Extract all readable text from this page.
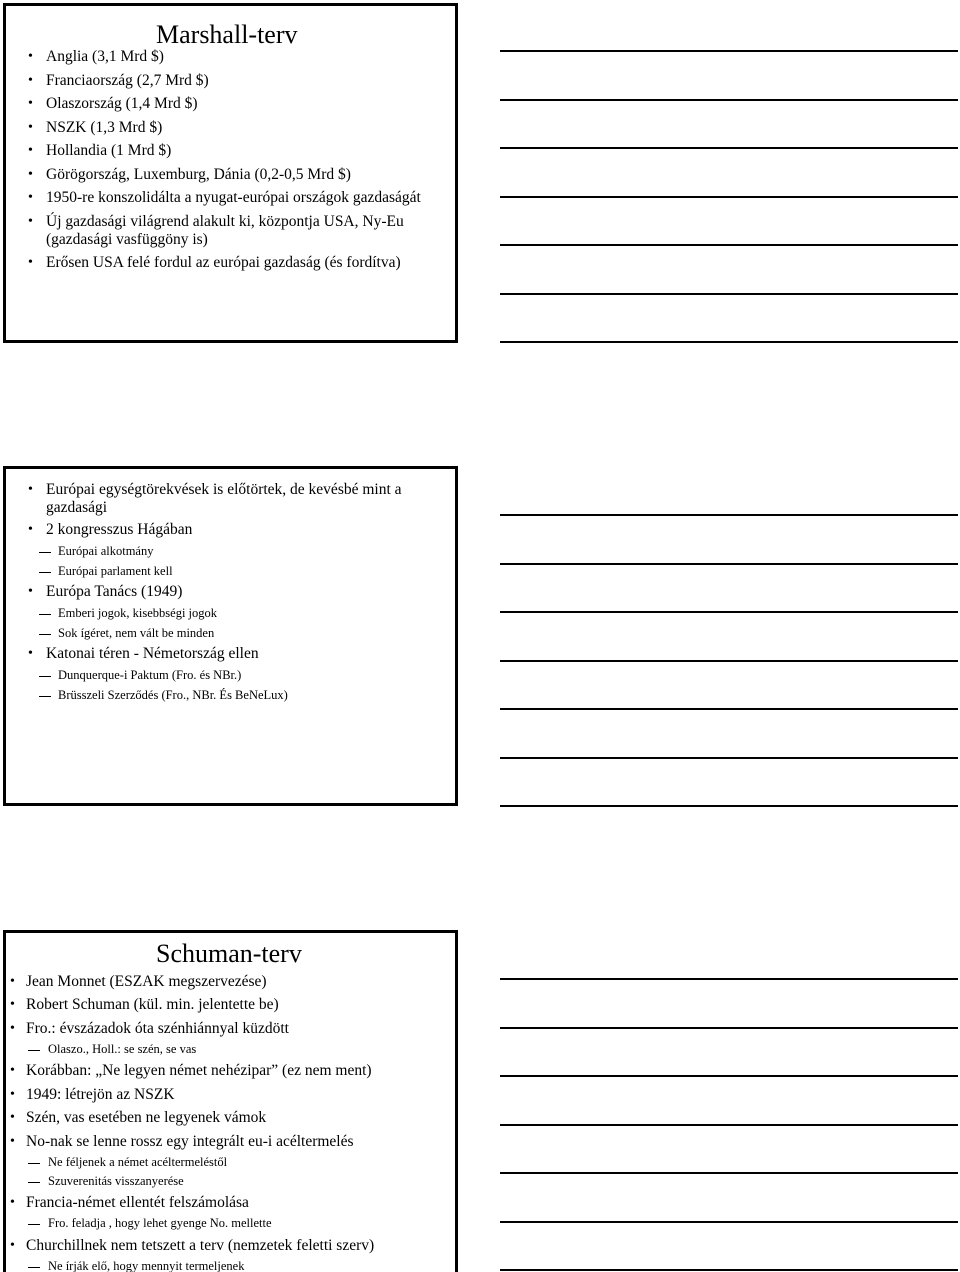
Marshall-terv
• Anglia (3,1 Mrd $)
• Franciaország (2,7 Mrd $)
• Olaszország (1,4 Mrd $)
• NSZK (1,3 Mrd $)
• Hollandia (1 Mrd $)
• Görögország, Luxemburg, Dánia (0,2-0,5 Mrd $)
• 1950-re konszolidálta a nyugat-európai országok gazdaságát
• Új gazdasági világrend alakult ki, központja USA, Ny-Eu (gazdasági vasfüggöny is)
• Erősen USA felé fordul az európai gazdaság (és fordítva)
• Európai egységtörekvések is előtörtek, de kevésbé mint a gazdasági
• 2 kongresszus Hágában
Európai alkotmány
Európai parlament kell
• Európa Tanács (1949)
Emberi jogok, kisebbségi jogok
Sok ígéret, nem vált be minden
• Katonai téren - Németország ellen
Dunquerque-i Paktum (Fro. és NBr.)
Brüsszeli Szerződés (Fro., NBr. És BeNeLux)
Schuman-terv
• Jean Monnet (ESZAK megszervezése)
• Robert Schuman (kül. min. jelentette be)
• Fro.: évszázadok óta szénhiánnyal küzdött
Olaszo., Holl.: se szén, se vas
• Korábban: „Ne legyen német nehézipar” (ez nem ment)
• 1949: létrejön az NSZK
• Szén, vas esetében ne legyenek vámok
• No-nak se lenne rossz egy integrált eu-i acéltermelés
Ne féljenek a német acéltermeléstől
Szuverenitás visszanyerése
• Francia-német ellentét felszámolása
Fro. feladja , hogy lehet gyenge No. mellette
• Churchillnek nem tetszett a terv (nemzetek feletti szerv)
Ne írják elő, hogy mennyit termeljenek
